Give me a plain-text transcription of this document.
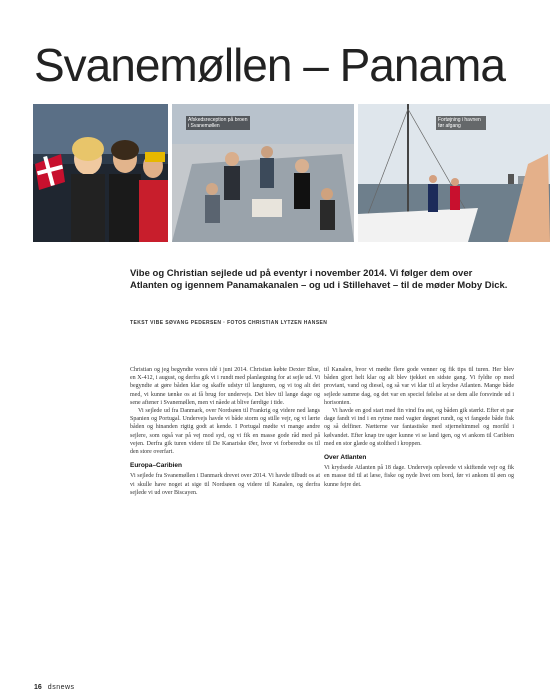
Svanemøllen – Panama
Afskedsreception på broen i Svanemøllen
Fortøjning i havnen før afgang

Vibe og Christian sejlede ud på eventyr i november 2014. Vi følger dem over Atlanten og igennem Panamakanalen – og ud i Stillehavet – til de møder Moby Dick.

TEKST VIBE SØVANG PEDERSEN · FOTOS CHRISTIAN LYTZEN HANSEN

Christian og jeg begyndte vores idé i juni 2014. Christian købte Dexter Blue, en X-412, i august, og derfra gik vi i rundt med planlægning for at sejle ud. Vi begyndte at gøre båden klar og skaffe udstyr til langturen, og vi tog alt det med, vi kunne tænke os at få brug for undervejs. Det blev til lange dage og sene aftener i Svanemøllen, men vi nåede at blive færdige i tide.

Vi sejlede ud fra Danmark, over Nordsøen til Frankrig og videre ned langs Spanien og Portugal. Undervejs havde vi både storm og stille vejr, og vi lærte båden og hinanden rigtig godt at kende. I Portugal mødte vi mange andre sejlere, som også var på vej mod syd, og vi fik en masse gode råd med på vejen. Derfra gik turen videre til De Kanariske Øer, hvor vi forberedte os til den store overfart.

Europa–Caribien

Vi sejlede fra Svanemøllen i Danmark drevet over 2014. Vi havde tilbudt os at vi skulle have noget at sige til Nordsøen og videre til Kanalen, og derfra sejlede vi ud over Biscayen.

til Kanalen, hvor vi mødte flere gode venner og fik tips til turen. Her blev båden gjort helt klar og alt blev tjekket en sidste gang. Vi fyldte op med proviant, vand og diesel, og så var vi klar til at krydse Atlanten. Mange både sejlede samme dag, og det var en speciel følelse at se dem alle forsvinde ud i horisonten.

Vi havde en god start med fin vind fra øst, og båden gik stærkt. Efter et par dage fandt vi ind i en rytme med vagter døgnet rundt, og vi fangede både fisk og så delfiner. Nætterne var fantastiske med stjernehimmel og morild i kølvandet. Efter knap tre uger kunne vi se land igen, og vi ankom til Caribien med en stor glæde og stolthed i kroppen.

Over Atlanten

Vi krydsede Atlanten på 18 dage. Undervejs oplevede vi skiftende vejr og fik en masse tid til at læse, fiske og nyde livet om bord, før vi ankom til øen og kunne fejre det.

16 dsnews
